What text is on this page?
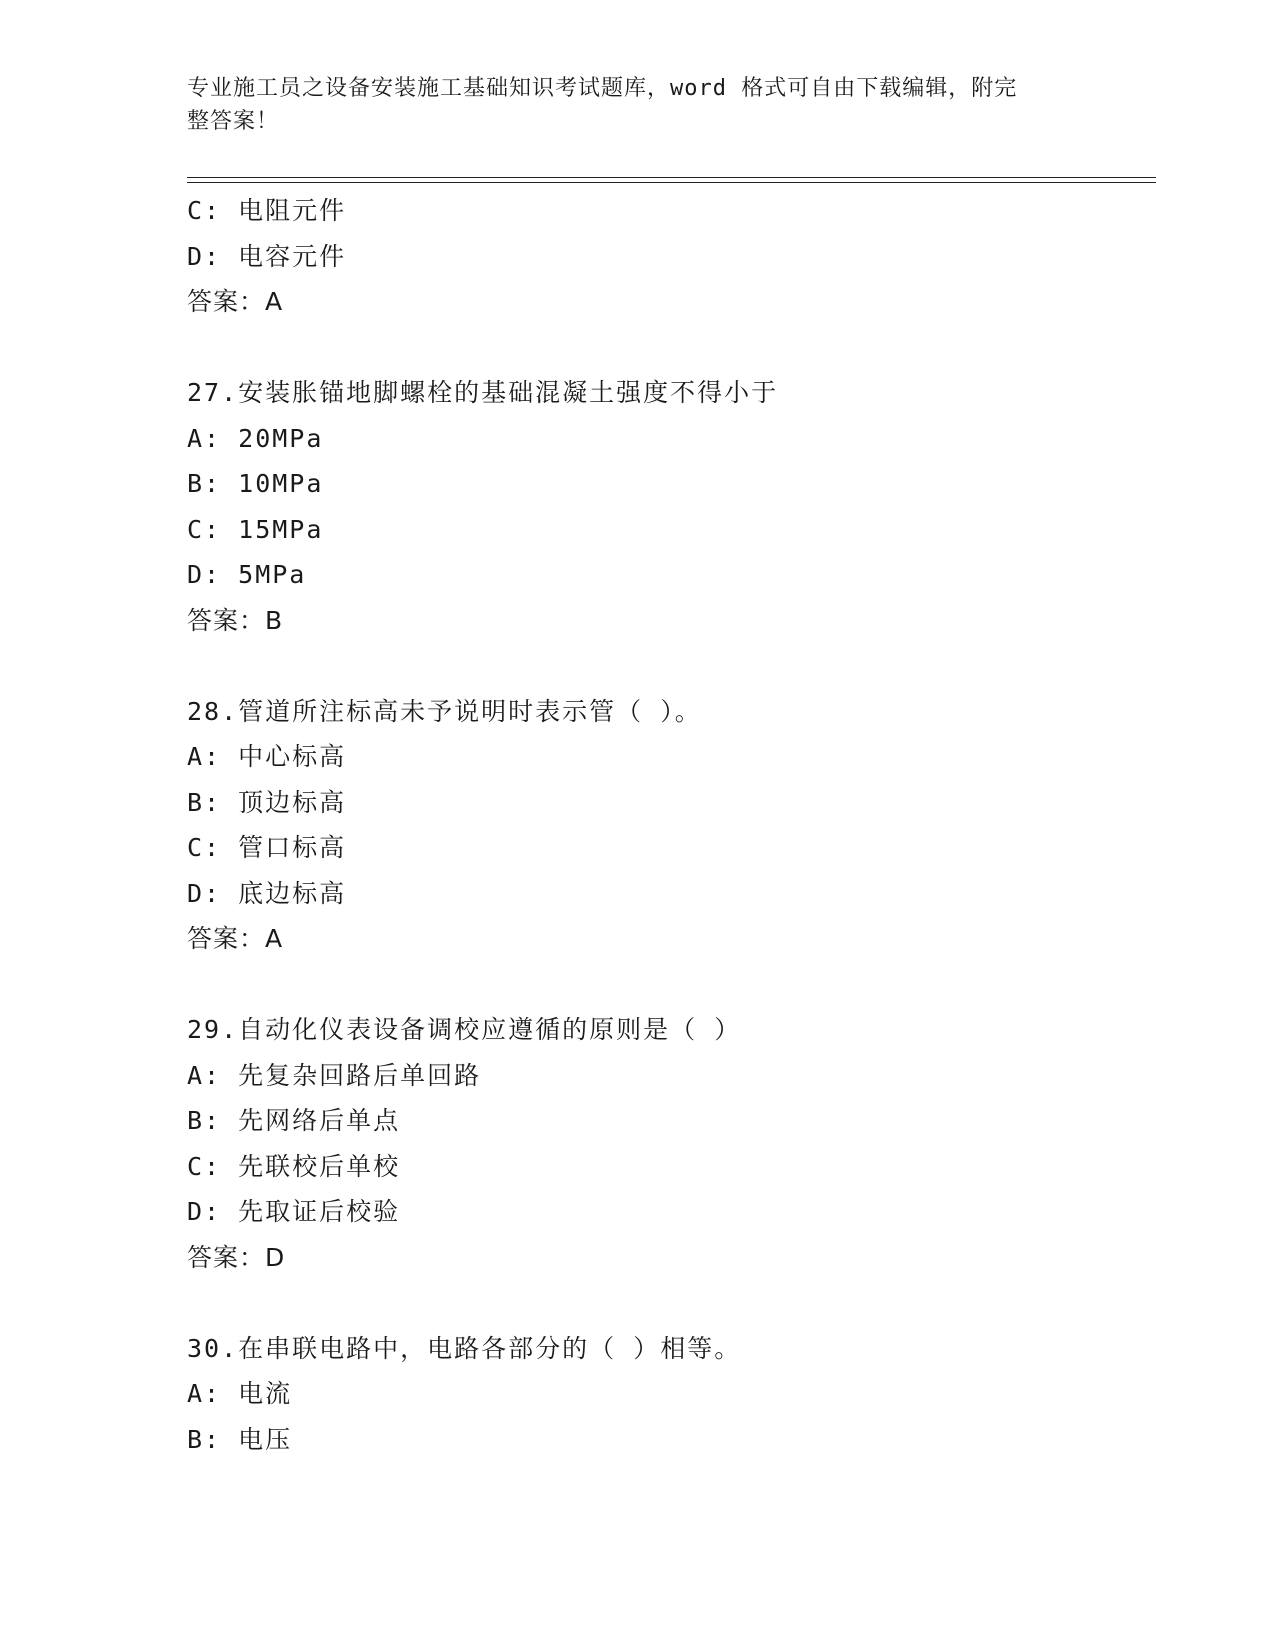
专业施工员之设备安装施工基础知识考试题库，word 格式可自由下载编辑，附完
整答案！
C: 电阻元件
D: 电容元件
答案：A
27.安装胀锚地脚螺栓的基础混凝土强度不得小于
A: 20MPa
B: 10MPa
C: 15MPa
D: 5MPa
答案：B
28.管道所注标高未予说明时表示管（ ）。
A: 中心标高
B: 顶边标高
C: 管口标高
D: 底边标高
答案：A
29.自动化仪表设备调校应遵循的原则是（ ）
A: 先复杂回路后单回路
B: 先网络后单点
C: 先联校后单校
D: 先取证后校验
答案：D
30.在串联电路中，电路各部分的（ ）相等。
A: 电流
B: 电压
